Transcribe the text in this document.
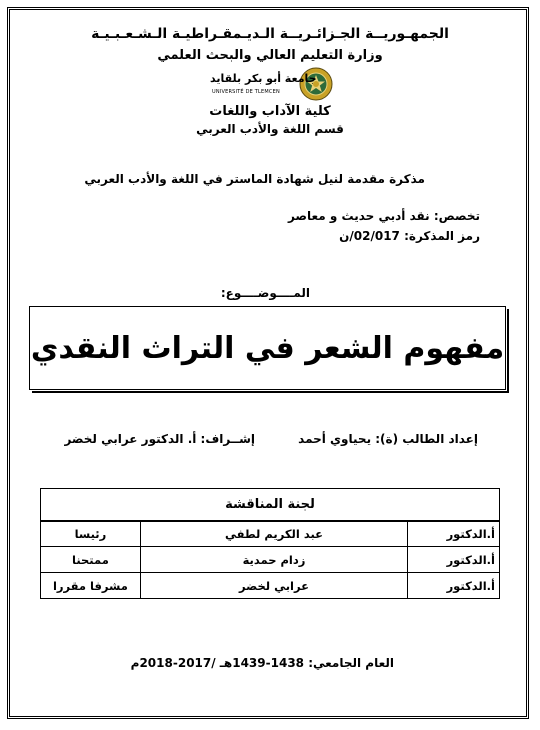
الجمهـوريــة الجـزائـريــة الـديـمقـراطيـة الـشـعـبـيـة
وزارة التعليم العالي والبحث العلمي
جامعة أبو بكر بلقايد
UNIVERSITÉ DE TLEMCEN
كلية الآداب واللغات
قسم اللغة والأدب العربي
مذكرة مقدمة لنيل شهادة الماستر في اللغة والأدب العربي
تخصص: نقد أدبي حديث و معاصر
رمز المذكرة: 02/017/ن
المــــوضــــوع:
مفهوم الشعر في التراث النقدي
إعداد الطالب (ة): يحياوي أحمد
إشــراف: أ. الدكتور عرابي لخضر
لجنة المناقشة		
أ.الدكتور	عبد الكريم لطفي	رئيسا
أ.الدكتور	زدام حمدية	ممتحنا
أ.الدكتور	عرابي لخضر	مشرفا مقررا
العام الجامعي: 1438-1439هـ /2017-2018م
